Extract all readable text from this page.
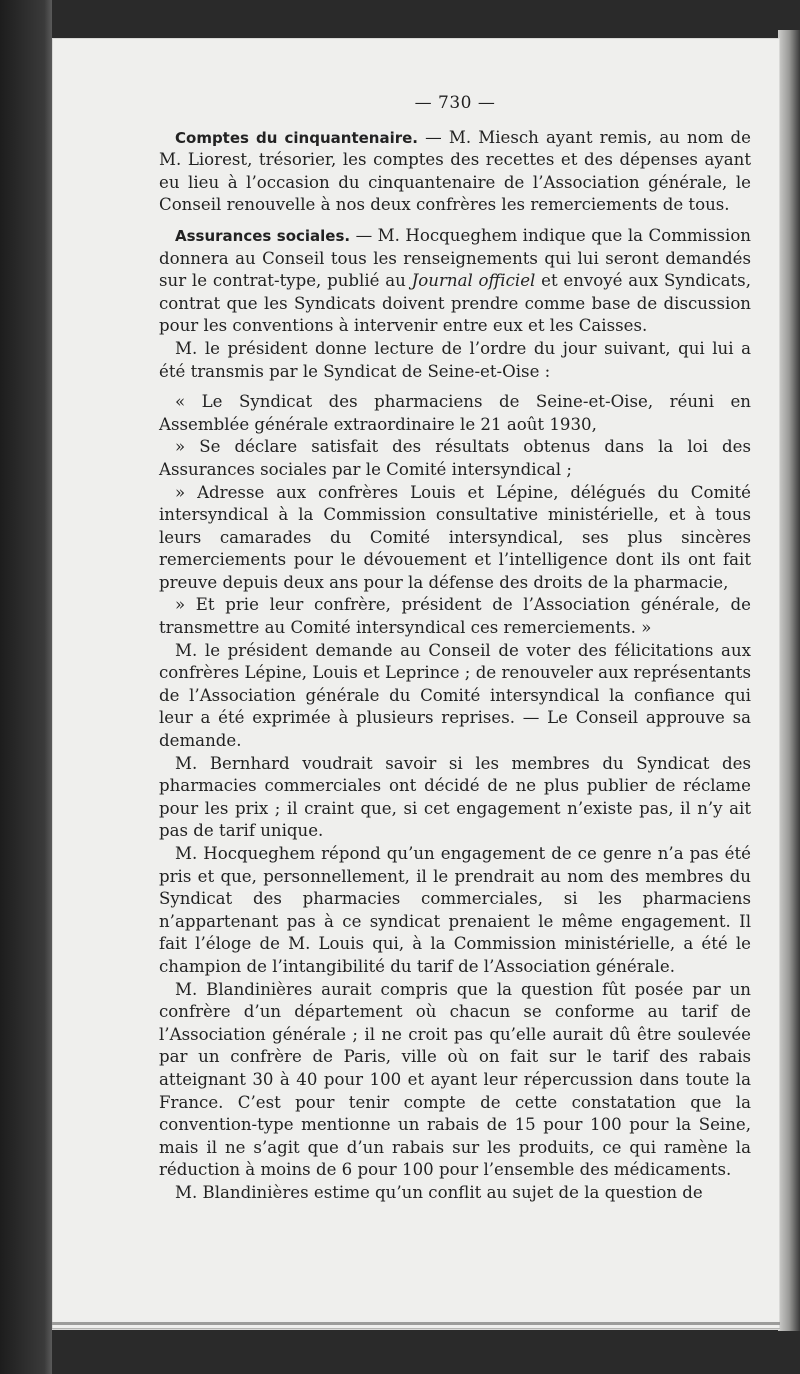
— 730 —

Comptes du cinquantenaire. — M. Miesch ayant remis, au nom de M. Liorest, trésorier, les comptes des recettes et des dépenses ayant eu lieu à l’occasion du cinquantenaire de l’Association générale, le Conseil renouvelle à nos deux confrères les remerciements de tous.

Assurances sociales. — M. Hocqueghem indique que la Commission donnera au Conseil tous les renseignements qui lui seront demandés sur le contrat-type, publié au Journal officiel et envoyé aux Syndicats, contrat que les Syndicats doivent prendre comme base de discussion pour les conventions à intervenir entre eux et les Caisses.

M. le président donne lecture de l’ordre du jour suivant, qui lui a été transmis par le Syndicat de Seine-et-Oise :

« Le Syndicat des pharmaciens de Seine-et-Oise, réuni en Assemblée générale extraordinaire le 21 août 1930,

» Se déclare satisfait des résultats obtenus dans la loi des Assurances sociales par le Comité intersyndical ;

» Adresse aux confrères Louis et Lépine, délégués du Comité intersyndical à la Commission consultative ministérielle, et à tous leurs camarades du Comité intersyndical, ses plus sincères remerciements pour le dévouement et l’intelligence dont ils ont fait preuve depuis deux ans pour la défense des droits de la pharmacie,

» Et prie leur confrère, président de l’Association générale, de transmettre au Comité intersyndical ces remerciements. »

M. le président demande au Conseil de voter des félicitations aux confrères Lépine, Louis et Leprince ; de renouveler aux représentants de l’Association générale du Comité intersyndical la confiance qui leur a été exprimée à plusieurs reprises. — Le Conseil approuve sa demande.

M. Bernhard voudrait savoir si les membres du Syndicat des pharmacies commerciales ont décidé de ne plus publier de réclame pour les prix ; il craint que, si cet engagement n’existe pas, il n’y ait pas de tarif unique.

M. Hocqueghem répond qu’un engagement de ce genre n’a pas été pris et que, personnellement, il le prendrait au nom des membres du Syndicat des pharmacies commerciales, si les pharmaciens n’appartenant pas à ce syndicat prenaient le même engagement. Il fait l’éloge de M. Louis qui, à la Commission ministérielle, a été le champion de l’intangibilité du tarif de l’Association générale.

M. Blandinières aurait compris que la question fût posée par un confrère d’un département où chacun se conforme au tarif de l’Association générale ; il ne croit pas qu’elle aurait dû être soulevée par un confrère de Paris, ville où on fait sur le tarif des rabais atteignant 30 à 40 pour 100 et ayant leur répercussion dans toute la France. C’est pour tenir compte de cette constatation que la convention-type mentionne un rabais de 15 pour 100 pour la Seine, mais il ne s’agit que d’un rabais sur les produits, ce qui ramène la réduction à moins de 6 pour 100 pour l’ensemble des médicaments.

M. Blandinières estime qu’un conflit au sujet de la question de
